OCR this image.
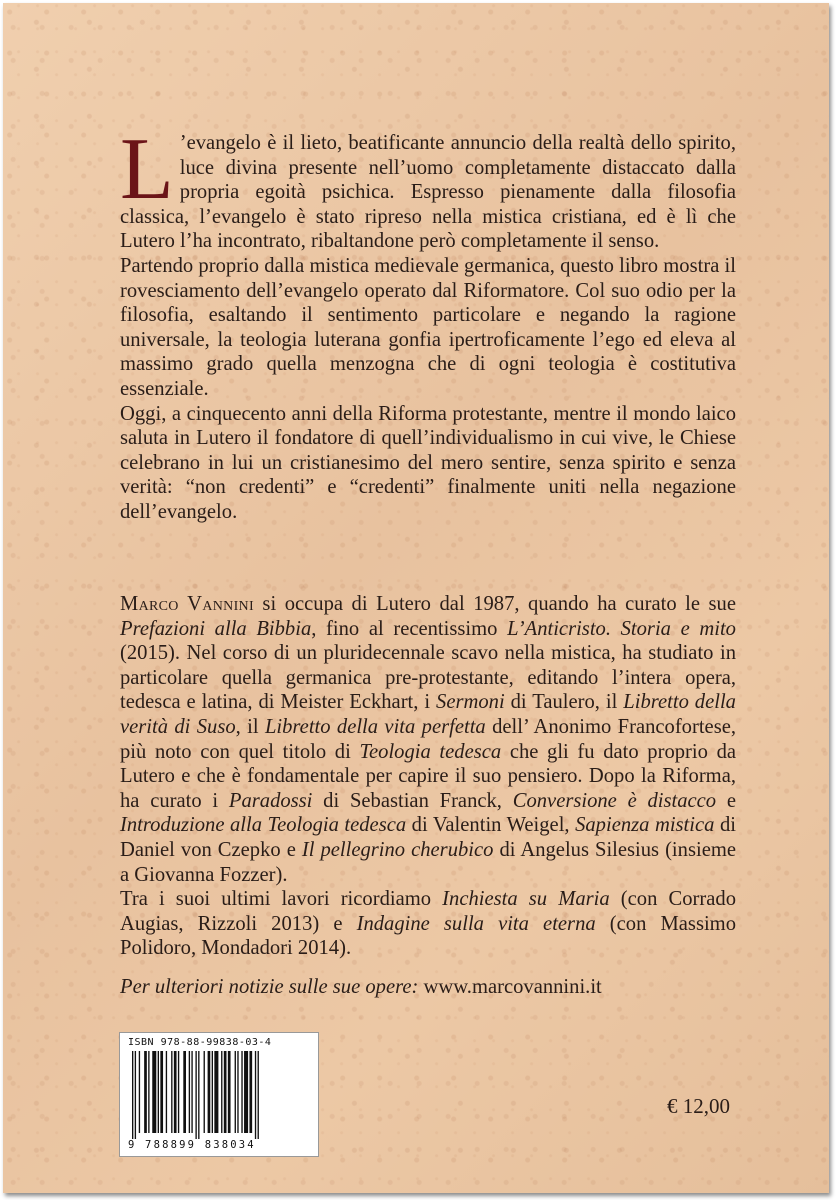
L ’evangelo è il lieto, beatificante annuncio della realtà dello spirito, luce divina presente nell’uomo completamente distaccato dalla propria egoità psichica. Espresso pienamente dalla filosofia classica, l’evangelo è stato ripreso nella mistica cristiana, ed è lì che Lutero l’ha incontrato, ribaltandone però completamente il senso.

Partendo proprio dalla mistica medievale germanica, questo libro mostra il rovesciamento dell’evangelo operato dal Riformatore. Col suo odio per la filosofia, esaltando il sentimento particolare e negando la ragione universale, la teologia luterana gonfia ipertroficamente l’ego ed eleva al massimo grado quella menzogna che di ogni teologia è costitutiva essenziale.

Oggi, a cinquecento anni della Riforma protestante, mentre il mondo laico saluta in Lutero il fondatore di quell’individualismo in cui vive, le Chiese celebrano in lui un cristianesimo del mero sentire, senza spirito e senza verità: “non credenti” e “credenti” finalmente uniti nella negazione dell’evangelo.

Marco Vannini si occupa di Lutero dal 1987, quando ha curato le sue Prefazioni alla Bibbia, fino al recentissimo L’Anticristo. Storia e mito (2015). Nel corso di un pluridecennale scavo nella mistica, ha studiato in particolare quella germanica pre-protestante, editando l’intera opera, tedesca e latina, di Meister Eckhart, i Sermoni di Taulero, il Libretto della verità di Suso, il Libretto della vita perfetta dell’ Anonimo Francofortese, più noto con quel titolo di Teologia tedesca che gli fu dato proprio da Lutero e che è fondamentale per capire il suo pensiero. Dopo la Riforma, ha curato i Paradossi di Sebastian Franck, Conversione è distacco e Introduzione alla Teologia tedesca di Valentin Weigel, Sapienza mistica di Daniel von Czepko e Il pellegrino cherubico di Angelus Silesius (insieme a Giovanna Fozzer).

Tra i suoi ultimi lavori ricordiamo Inchiesta su Maria (con Corrado Augias, Rizzoli 2013) e Indagine sulla vita eterna (con Massimo Polidoro, Mondadori 2014).

Per ulteriori notizie sulle sue opere: www.marcovannini.it

ISBN 978-88-99838-03-4
9 788899 838034
€ 12,00
